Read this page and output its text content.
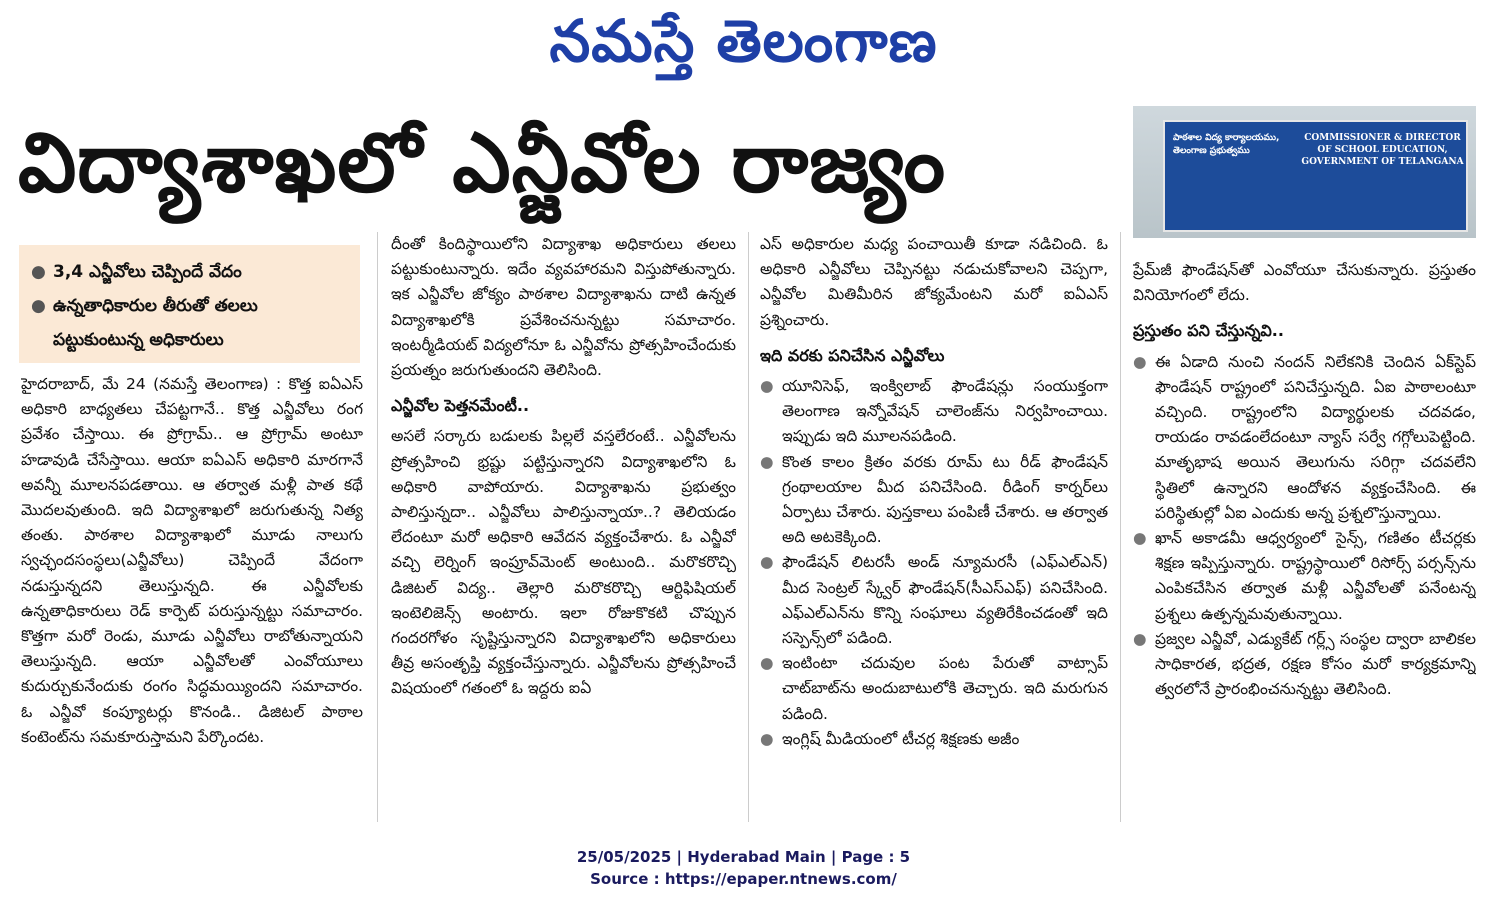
నమస్తే తెలంగాణ
విద్యాశాఖలో ఎన్జీవోల రాజ్యం	పాఠశాల విద్య కార్యాలయము, తెలంగాణ ప్రభుత్వము
COMMISSIONER & DIRECTOR OF SCHOOL EDUCATION, GOVERNMENT OF TELANGANA
● 3,4 ఎన్జీవోలు చెప్పిందే వేదం
● ఉన్నతాధికారుల తీరుతో తలలు పట్టుకుంటున్న అధికారులు

హైదరాబాద్, మే 24 (నమస్తే తెలంగాణ) : కొత్త ఐఏఎస్ అధికారి బాధ్యతలు చేపట్టగానే.. కొత్త ఎన్జీవోలు రంగ ప్రవేశం చేస్తాయి. ఈ ప్రోగ్రామ్.. ఆ ప్రోగ్రామ్ అంటూ హడావుడి చేసేస్తాయి. ఆయా ఐఏఎస్ అధికారి మారగానే అవన్నీ మూలనపడతాయి. ఆ తర్వాత మళ్లీ పాత కథే మొదలవుతుంది. ఇది విద్యాశాఖలో జరుగుతున్న నిత్య తంతు. పాఠశాల విద్యాశాఖలో మూడు నాలుగు స్వచ్ఛందసంస్థలు(ఎన్జీవోలు) చెప్పిందే వేదంగా నడుస్తున్నదని తెలుస్తున్నది. ఈ ఎన్జీవోలకు ఉన్నతాధికారులు రెడ్ కార్పెట్ పరుస్తున్నట్టు సమాచారం. కొత్తగా మరో రెండు, మూడు ఎన్జీవోలు రాబోతున్నాయని తెలుస్తున్నది. ఆయా ఎన్జీవోలతో ఎంవోయూలు కుదుర్చుకునేందుకు రంగం సిద్ధమయ్యిందని సమాచారం. ఓ ఎన్జీవో కంప్యూటర్లు కొనండి.. డిజిటల్ పాఠాల కంటెంట్‌ను సమకూరుస్తామని పేర్కొందట.

దీంతో కిందిస్థాయిలోని విద్యాశాఖ అధికారులు తలలు పట్టుకుంటున్నారు. ఇదేం వ్యవహారమని విస్తుపోతున్నారు. ఇక ఎన్జీవోల జోక్యం పాఠశాల విద్యాశాఖను దాటి ఉన్నత విద్యాశాఖలోకి ప్రవేశించనున్నట్టు సమాచారం. ఇంటర్మీడియట్ విద్యలోనూ ఓ ఎన్జీవోను ప్రోత్సహించేందుకు ప్రయత్నం జరుగుతుందని తెలిసింది.

ఎన్జీవోల పెత్తనమేంటీ..

అసలే సర్కారు బడులకు పిల్లలే వస్తలేరంటే.. ఎన్జీవోలను ప్రోత్సహించి భ్రష్టు పట్టిస్తున్నారని విద్యాశాఖలోని ఓ అధికారి వాపోయారు. విద్యాశాఖను ప్రభుత్వం పాలిస్తున్నదా.. ఎన్జీవోలు పాలిస్తున్నాయా..? తెలియడం లేదంటూ మరో అధికారి ఆవేదన వ్యక్తంచేశారు. ఓ ఎన్జీవో వచ్చి లెర్నింగ్ ఇంప్రూవ్‌మెంట్ అంటుంది.. మరొకరొచ్చి డిజిటల్ విద్య.. తెల్లారి మరొకరొచ్చి ఆర్టిఫిషియల్ ఇంటెలిజెన్స్ అంటారు. ఇలా రోజుకొకటి చొప్పున గందరగోళం సృష్టిస్తున్నారని విద్యాశాఖలోని అధికారులు తీవ్ర అసంతృప్తి వ్యక్తంచేస్తున్నారు. ఎన్జీవోలను ప్రోత్సహించే విషయంలో గతంలో ఓ ఇద్దరు ఐఏ

ఎస్ అధికారుల మధ్య పంచాయితీ కూడా నడిచింది. ఓ అధికారి ఎన్జీవోలు చెప్పినట్టు నడుచుకోవాలని చెప్పగా, ఎన్జీవోల మితిమీరిన జోక్యమేంటని మరో ఐఏఎస్ ప్రశ్నించారు.

ఇది వరకు పనిచేసిన ఎన్జీవోలు
● యూనిసెఫ్, ఇంక్విలాబ్ ఫౌండేషన్లు సంయుక్తంగా తెలంగాణ ఇన్నోవేషన్ చాలెంజ్‌ను నిర్వహించాయి. ఇప్పుడు ఇది మూలనపడింది.
● కొంత కాలం క్రితం వరకు రూమ్ టు రీడ్ ఫౌండేషన్ గ్రంథాలయాల మీద పనిచేసింది. రీడింగ్ కార్నర్‌లు ఏర్పాటు చేశారు. పుస్తకాలు పంపిణీ చేశారు. ఆ తర్వాత అది అటకెక్కింది.
● ఫౌండేషన్ లిటరసీ అండ్ న్యూమరసీ (ఎఫ్ఎల్ఎన్) మీద సెంట్రల్ స్క్వేర్ ఫౌండేషన్(సీఎస్ఎఫ్) పనిచేసింది. ఎఫ్ఎల్ఎన్‌ను కొన్ని సంఘాలు వ్యతిరేకించడంతో ఇది సస్పెన్స్‌లో పడింది.
● ఇంటింటా చదువుల పంట పేరుతో వాట్సాప్ చాట్‌బాట్‌ను అందుబాటులోకి తెచ్చారు. ఇది మరుగున పడింది.
● ఇంగ్లిష్ మీడియంలో టీచర్ల శిక్షణకు అజీం

ప్రేమ్‌జీ ఫౌండేషన్‌తో ఎంవోయూ చేసుకున్నారు. ప్రస్తుతం వినియోగంలో లేదు.

ప్రస్తుతం పని చేస్తున్నవి..
● ఈ ఏడాది నుంచి నందన్ నిలేకనికి చెందిన ఏక్‌స్టెప్ ఫౌండేషన్ రాష్ట్రంలో పనిచేస్తున్నది. ఏఐ పాఠాలంటూ వచ్చింది. రాష్ట్రంలోని విద్యార్థులకు చదవడం, రాయడం రావడంలేదంటూ న్యాస్ సర్వే గగ్గోలుపెట్టింది. మాతృభాష అయిన తెలుగును సరిగ్గా చదవలేని స్థితిలో ఉన్నారని ఆందోళన వ్యక్తంచేసింది. ఈ పరిస్థితుల్లో ఏఐ ఎందుకు అన్న ప్రశ్నలొస్తున్నాయి.
● ఖాన్ అకాడమీ ఆధ్వర్యంలో సైన్స్, గణితం టీచర్లకు శిక్షణ ఇప్పిస్తున్నారు. రాష్ట్రస్థాయిలో రిసోర్స్ పర్సన్స్‌ను ఎంపికచేసిన తర్వాత మళ్లీ ఎన్జీవోలతో పనేంటన్న ప్రశ్నలు ఉత్పన్నమవుతున్నాయి.
● ప్రజ్వల ఎన్జీవో, ఎడ్యుకేట్ గర్ల్స్ సంస్థల ద్వారా బాలికల సాధికారత, భద్రత, రక్షణ కోసం మరో కార్యక్రమాన్ని త్వరలోనే ప్రారంభించనున్నట్టు తెలిసింది.
25/05/2025 | Hyderabad Main | Page : 5
Source : https://epaper.ntnews.com/
